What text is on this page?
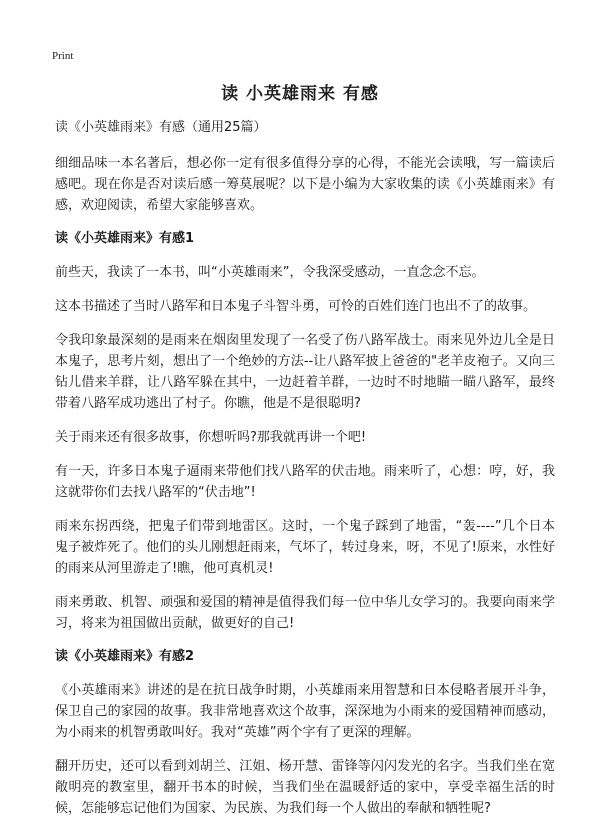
Print
读 小英雄雨来 有感

读《小英雄雨来》有感（通用25篇）

细细品味一本名著后，想必你一定有很多值得分享的心得，不能光会读哦，写一篇读后感吧。现在你是否对读后感一筹莫展呢？以下是小编为大家收集的读《小英雄雨来》有感，欢迎阅读，希望大家能够喜欢。

读《小英雄雨来》有感1

前些天，我读了一本书，叫“小英雄雨来”，令我深受感动，一直念念不忘。

这本书描述了当时八路军和日本鬼子斗智斗勇，可怜的百姓们连门也出不了的故事。

令我印象最深刻的是雨来在烟囱里发现了一名受了伤八路军战士。雨来见外边儿全是日本鬼子，思考片刻，想出了一个绝妙的方法--让八路军披上爸爸的"老羊皮袍子。又向三钻儿借来羊群，让八路军躲在其中，一边赶着羊群，一边时不时地瞄一瞄八路军，最终带着八路军成功逃出了村子。你瞧，他是不是很聪明?

关于雨来还有很多故事，你想听吗?那我就再讲一个吧!

有一天，许多日本鬼子逼雨来带他们找八路军的伏击地。雨来听了，心想：哼，好，我这就带你们去找八路军的“伏击地”!

雨来东拐西绕，把鬼子们带到地雷区。这时，一个鬼子踩到了地雷，“轰----”几个日本鬼子被炸死了。他们的头儿刚想赶雨来，气坏了，转过身来，呀，不见了!原来，水性好的雨来从河里游走了!瞧，他可真机灵!

雨来勇敢、机智、顽强和爱国的精神是值得我们每一位中华儿女学习的。我要向雨来学习，将来为祖国做出贡献，做更好的自己!

读《小英雄雨来》有感2

《小英雄雨来》讲述的是在抗日战争时期，小英雄雨来用智慧和日本侵略者展开斗争，保卫自己的家园的故事。我非常地喜欢这个故事，深深地为小雨来的爱国精神而感动，为小雨来的机智勇敢叫好。我对“英雄”两个字有了更深的理解。

翻开历史，还可以看到刘胡兰、江姐、杨开慧、雷锋等闪闪发光的名字。当我们坐在宽敞明亮的教室里，翻开书本的时候，当我们坐在温暖舒适的家中，享受幸福生活的时候，怎能够忘记他们为国家、为民族、为我们每一个人做出的奉献和牺牲呢?
